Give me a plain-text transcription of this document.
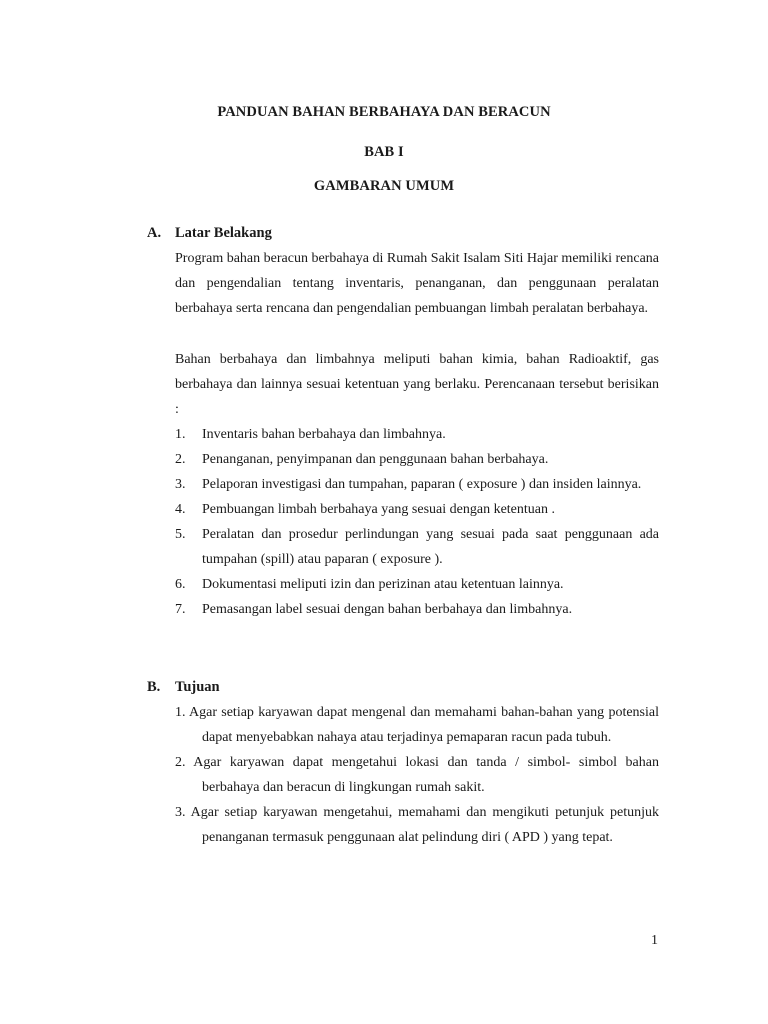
PANDUAN BAHAN BERBAHAYA DAN BERACUN
BAB I
GAMBARAN UMUM
A. Latar Belakang

Program bahan beracun berbahaya di Rumah Sakit Isalam Siti Hajar memiliki rencana dan pengendalian tentang inventaris, penanganan, dan penggunaan peralatan berbahaya serta rencana dan pengendalian pembuangan limbah peralatan berbahaya.

Bahan berbahaya dan limbahnya meliputi bahan kimia, bahan Radioaktif, gas berbahaya dan lainnya sesuai ketentuan yang berlaku. Perencanaan tersebut berisikan :

1. Inventaris bahan berbahaya dan limbahnya.
2. Penanganan, penyimpanan dan penggunaan bahan berbahaya.
3. Pelaporan investigasi dan tumpahan, paparan ( exposure ) dan insiden lainnya.
4. Pembuangan limbah berbahaya yang sesuai dengan ketentuan .
5. Peralatan dan prosedur perlindungan yang sesuai pada saat penggunaan ada tumpahan (spill) atau paparan ( exposure ).
6. Dokumentasi meliputi izin dan perizinan atau ketentuan lainnya.
7. Pemasangan label sesuai dengan bahan berbahaya dan limbahnya.
B. Tujuan
1. Agar setiap karyawan dapat mengenal dan memahami bahan-bahan yang potensial dapat menyebabkan nahaya atau terjadinya pemaparan racun pada tubuh.
2. Agar karyawan dapat mengetahui lokasi dan tanda / simbol- simbol bahan berbahaya dan beracun di lingkungan rumah sakit.
3. Agar setiap karyawan mengetahui, memahami dan mengikuti petunjuk petunjuk penanganan termasuk penggunaan alat pelindung diri ( APD ) yang tepat.
1
